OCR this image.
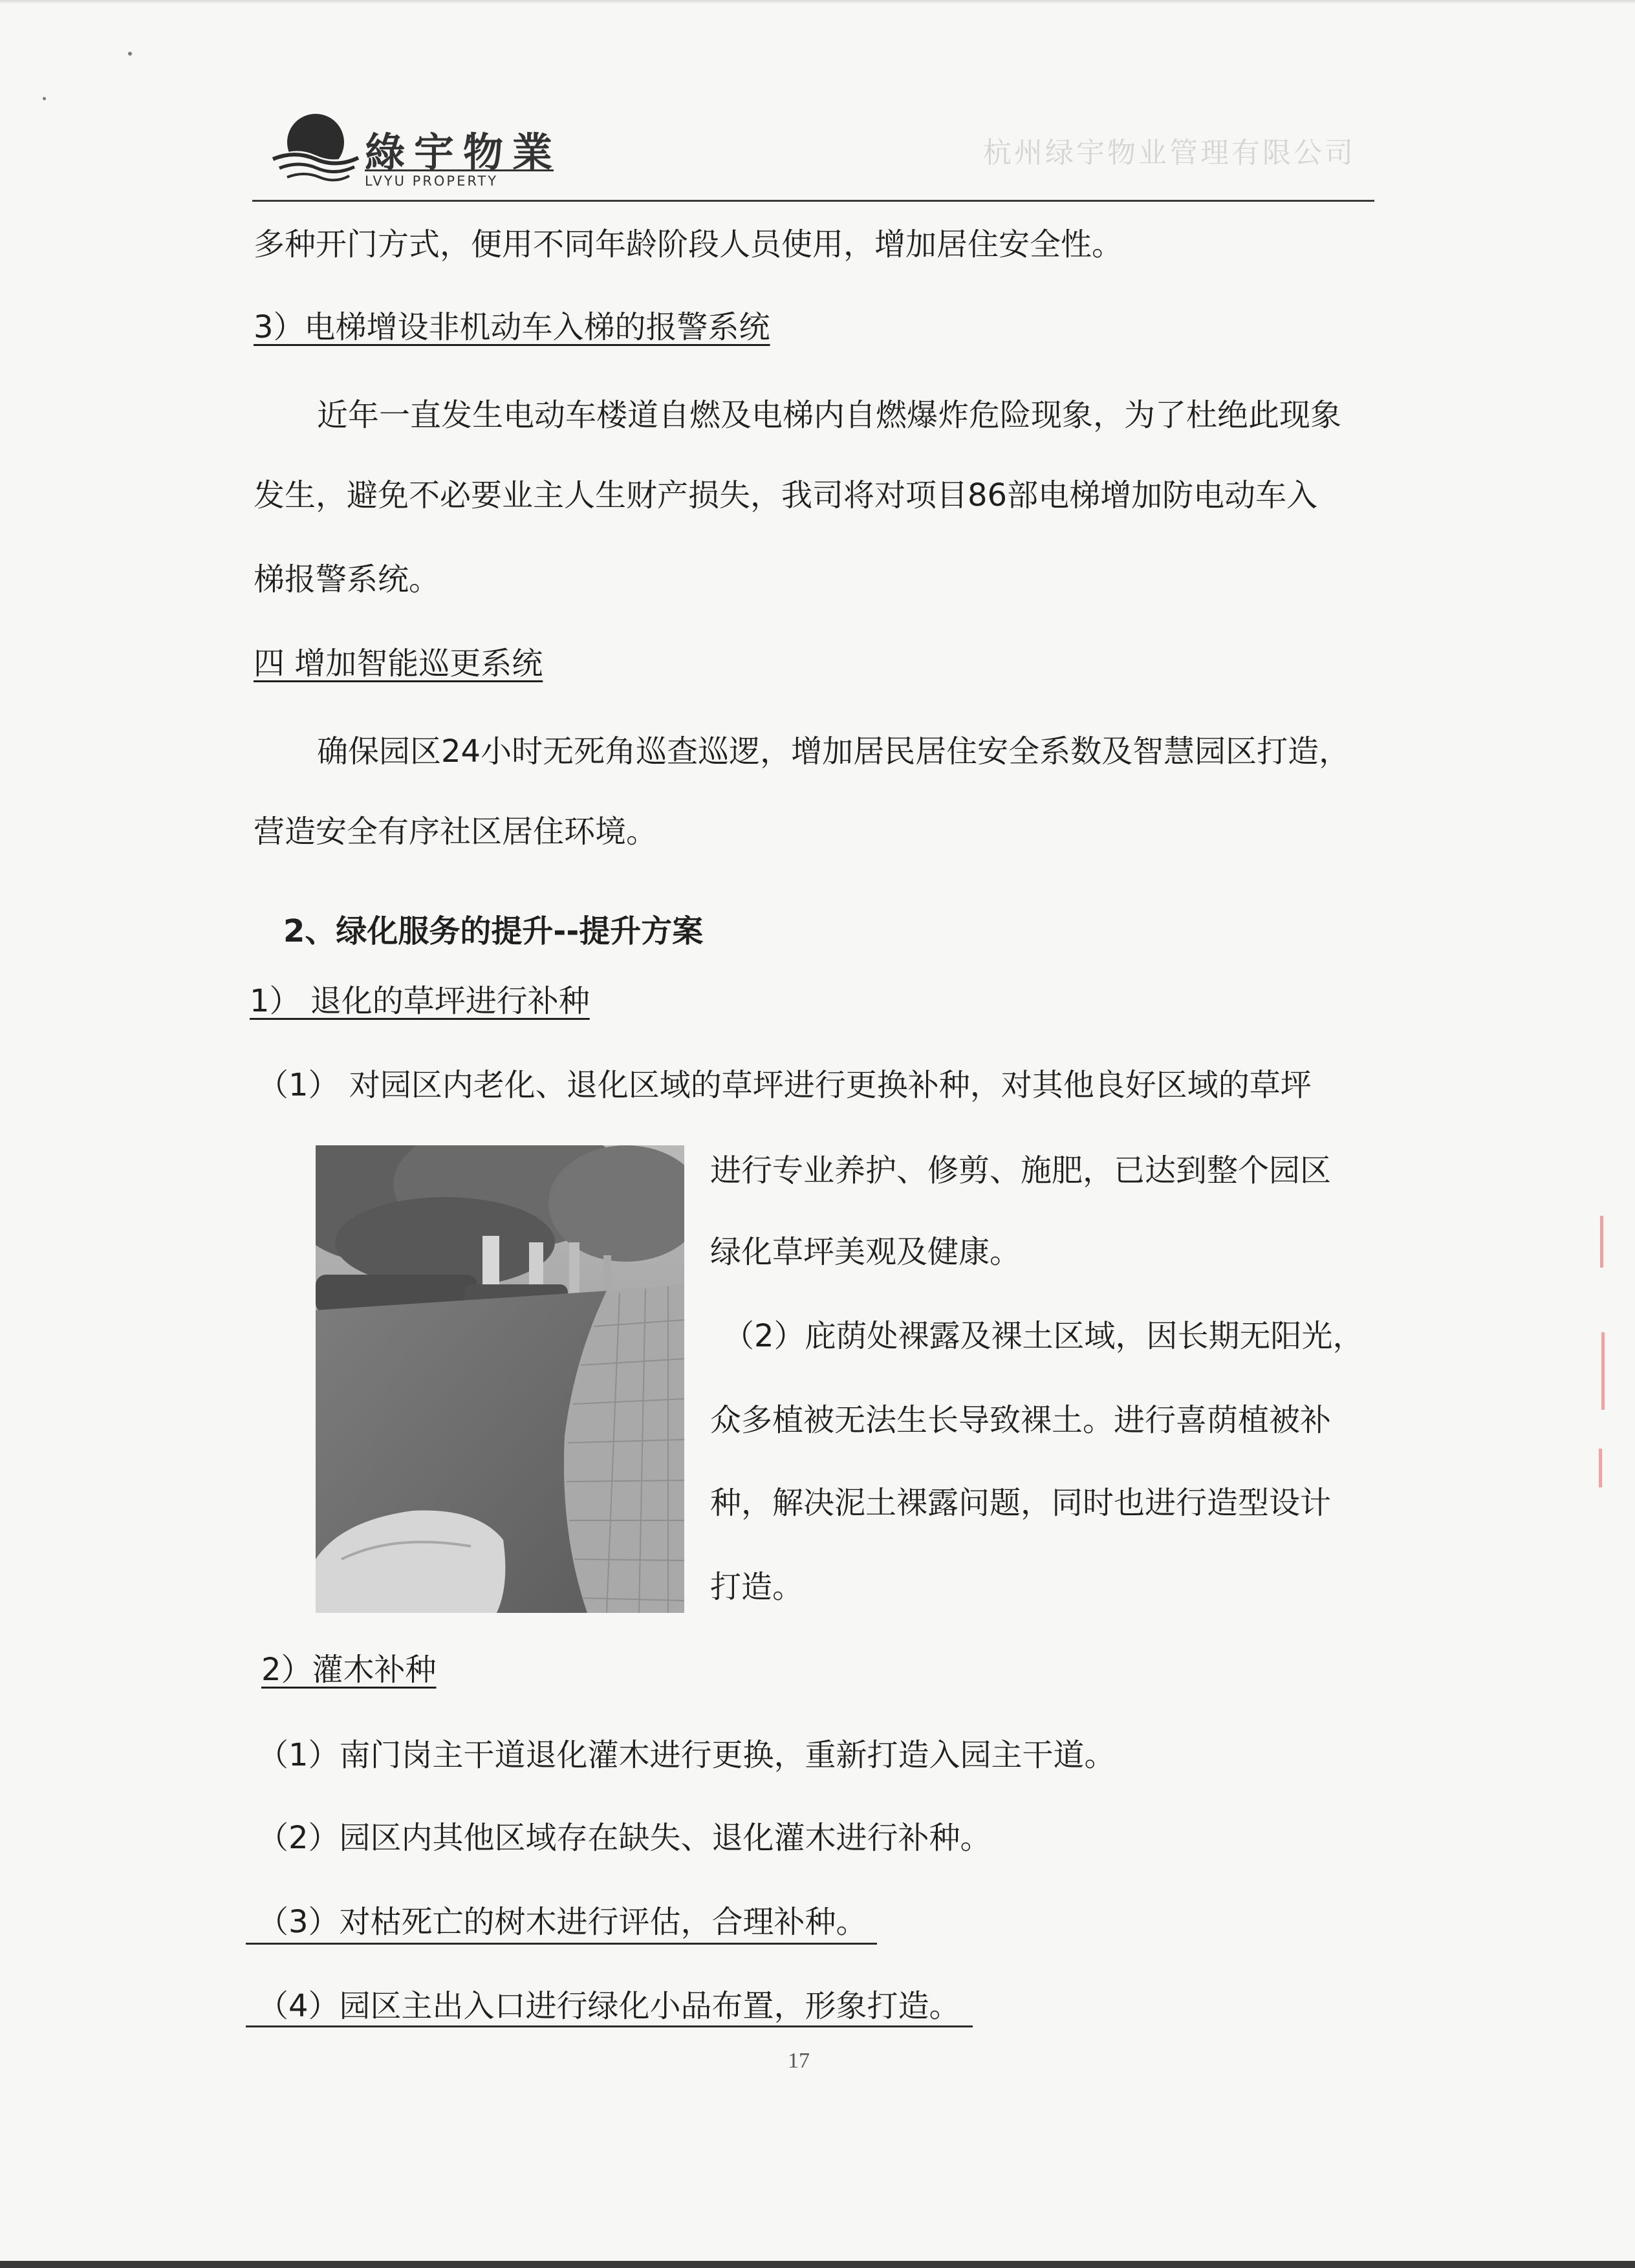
綠宇物業
LVYU PROPERTY
杭州绿宇物业管理有限公司
多种开门方式，便用不同年龄阶段人员使用，增加居住安全性。
3）电梯增设非机动车入梯的报警系统
近年一直发生电动车楼道自燃及电梯内自燃爆炸危险现象，为了杜绝此现象
发生，避免不必要业主人生财产损失，我司将对项目86部电梯增加防电动车入
梯报警系统。
四 增加智能巡更系统
确保园区24小时无死角巡查巡逻，增加居民居住安全系数及智慧园区打造，
营造安全有序社区居住环境。
2、绿化服务的提升--提升方案
1） 退化的草坪进行补种
（1） 对园区内老化、退化区域的草坪进行更换补种，对其他良好区域的草坪
进行专业养护、修剪、施肥，已达到整个园区
绿化草坪美观及健康。
（2）庇荫处裸露及裸土区域，因长期无阳光，
众多植被无法生长导致裸土。进行喜荫植被补
种，解决泥土裸露问题，同时也进行造型设计
打造。
2）灌木补种
（1）南门岗主干道退化灌木进行更换，重新打造入园主干道。
（2）园区内其他区域存在缺失、退化灌木进行补种。
（3）对枯死亡的树木进行评估，合理补种。
（4）园区主出入口进行绿化小品布置，形象打造。
17
